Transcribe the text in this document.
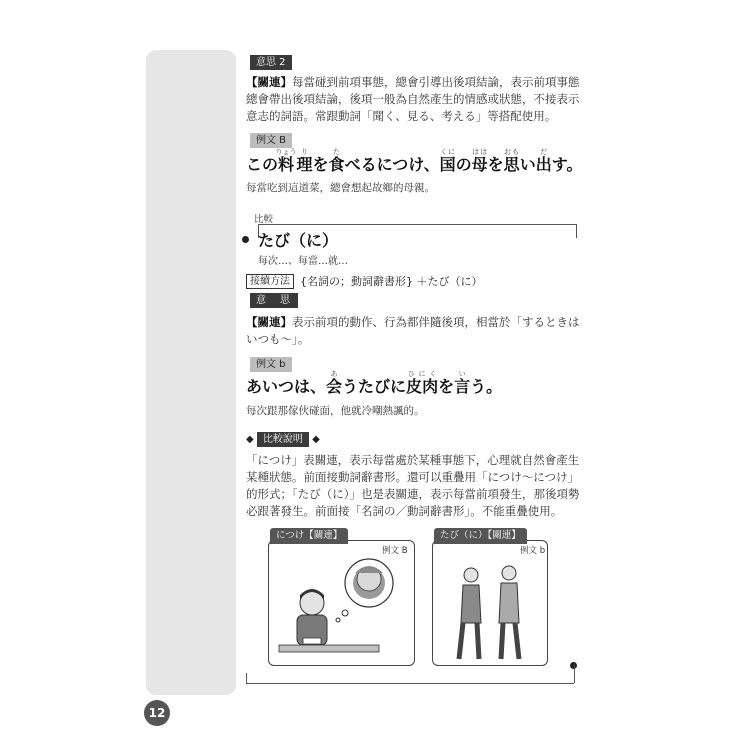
12
意思 2
【關連】每當碰到前項事態，總會引導出後項結論，表示前項事態總會帶出後項結論，後項一般為自然產生的情感或狀態，不接表示意志的詞語。常跟動詞「聞く、見る、考える」等搭配使用。
例文 B
この料りょう理りを食たべるにつけ、国くにの母ははを思おもい出だす。
每當吃到這道菜，總會想起故鄉的母親。
比較
たび（に）
每次…、每當…就…
接續方法 {名詞の；動詞辭書形} ＋たび（に）
意　思
【關連】表示前項的動作、行為都伴隨後項，相當於「するときはいつも～」。
例文 b
あいつは、会あうたびに皮肉ひにくを言いう。
每次跟那傢伙碰面，他就冷嘲熱諷的。
◆ 比較說明 ◆
「につけ」表關連，表示每當處於某種事態下，心理就自然會產生某種狀態。前面接動詞辭書形。還可以重疊用「につけ～につけ」的形式；「たび（に）」也是表關連，表示每當前項發生，那後項勢必跟著發生。前面接「名詞の／動詞辭書形」。不能重疊使用。
につけ【關連】
例文 B
たび（に）【關連】
例文 b
